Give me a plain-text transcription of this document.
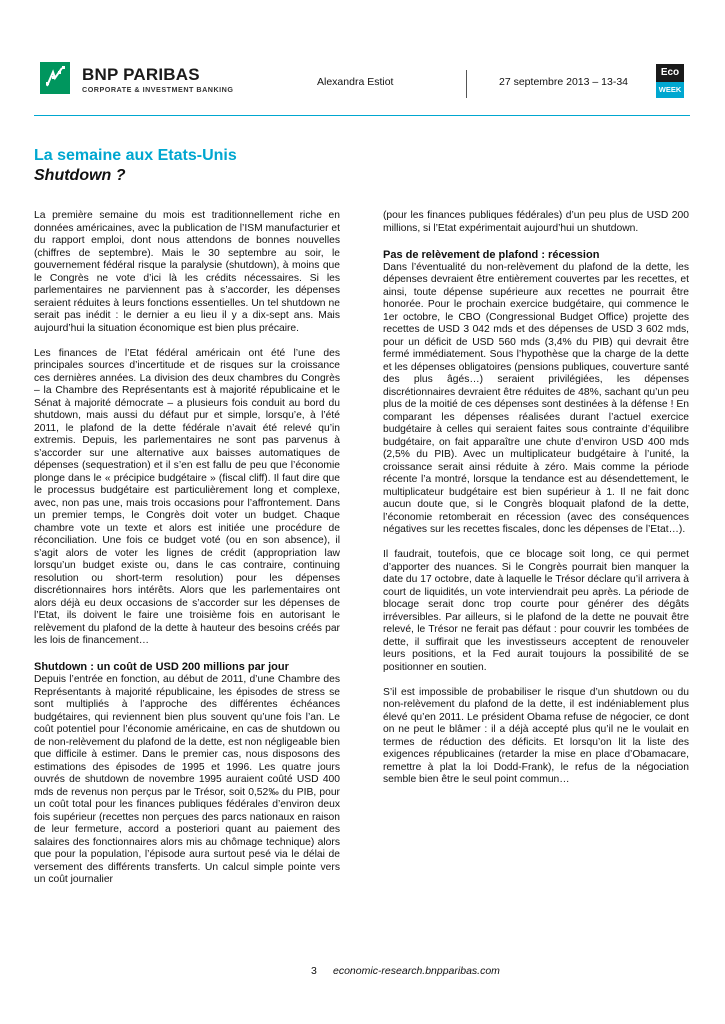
BNP PARIBAS
CORPORATE & INVESTMENT BANKING
Alexandra Estiot	27 septembre 2013 – 13-34
Eco
WEEK
La semaine aux Etats-Unis
Shutdown ?

La première semaine du mois est traditionnellement riche en données américaines, avec la publication de l’ISM manufacturier et du rapport emploi, dont nous attendons de bonnes nouvelles (chiffres de septembre). Mais le 30 septembre au soir, le gouvernement fédéral risque la paralysie (shutdown), à moins que le Congrès ne vote d’ici là les crédits nécessaires. Si les parlementaires ne parviennent pas à s’accorder, les dépenses seraient réduites à leurs fonctions essentielles. Un tel shutdown ne serait pas inédit : le dernier a eu lieu il y a dix-sept ans. Mais aujourd’hui la situation économique est bien plus précaire.

Les finances de l’Etat fédéral américain ont été l’une des principales sources d’incertitude et de risques sur la croissance ces dernières années. La division des deux chambres du Congrès – la Chambre des Représentants est à majorité républicaine et le Sénat à majorité démocrate – a plusieurs fois conduit au bord du shutdown, mais aussi du défaut pur et simple, lorsqu’e, à l’été 2011, le plafond de la dette fédérale n’avait été relevé qu’in extremis. Depuis, les parlementaires ne sont pas parvenus à s’accorder sur une alternative aux baisses automatiques de dépenses (sequestration) et il s’en est fallu de peu que l’économie plonge dans le « précipice budgétaire » (fiscal cliff). Il faut dire que le processus budgétaire est particulièrement long et complexe, avec, non pas une, mais trois occasions pour l’affrontement. Dans un premier temps, le Congrès doit voter un budget. Chaque chambre vote un texte et alors est initiée une procédure de réconciliation. Une fois ce budget voté (ou en son absence), il s’agit alors de voter les lignes de crédit (appropriation law lorsqu’un budget existe ou, dans le cas contraire, continuing resolution ou short-term resolution) pour les dépenses discrétionnaires hors intérêts. Alors que les parlementaires ont alors déjà eu deux occasions de s’accorder sur les dépenses de l’Etat, ils doivent le faire une troisième fois en autorisant le relèvement du plafond de la dette à hauteur des besoins créés par les lois de financement…

Shutdown : un coût de USD 200 millions par jour

Depuis l’entrée en fonction, au début de 2011, d’une Chambre des Représentants à majorité républicaine, les épisodes de stress se sont multipliés à l’approche des différentes échéances budgétaires, qui reviennent bien plus souvent qu’une fois l’an. Le coût potentiel pour l’économie américaine, en cas de shutdown ou de non-relèvement du plafond de la dette, est non négligeable bien que difficile à estimer. Dans le premier cas, nous disposons des estimations des épisodes de 1995 et 1996. Les quatre jours ouvrés de shutdown de novembre 1995 auraient coûté USD 400 mds de revenus non perçus par le Trésor, soit 0,52‰ du PIB, pour un coût total pour les finances publiques fédérales d’environ deux fois supérieur (recettes non perçues des parcs nationaux en raison de leur fermeture, accord a posteriori quant au paiement des salaires des fonctionnaires alors mis au chômage technique) alors que pour la population, l’épisode aura surtout pesé via le délai de versement des différents transferts. Un calcul simple pointe vers un coût journalier

(pour les finances publiques fédérales) d’un peu plus de USD 200 millions, si l’Etat expérimentait aujourd’hui un shutdown.

Pas de relèvement de plafond : récession

Dans l’éventualité du non-relèvement du plafond de la dette, les dépenses devraient être entièrement couvertes par les recettes, et ainsi, toute dépense supérieure aux recettes ne pourrait être honorée. Pour le prochain exercice budgétaire, qui commence le 1er octobre, le CBO (Congressional Budget Office) projette des recettes de USD 3 042 mds et des dépenses de USD 3 602 mds, pour un déficit de USD 560 mds (3,4% du PIB) qui devrait être fermé immédiatement. Sous l’hypothèse que la charge de la dette et les dépenses obligatoires (pensions publiques, couverture santé des plus âgés…) seraient privilégiées, les dépenses discrétionnaires devraient être réduites de 48%, sachant qu’un peu plus de la moitié de ces dépenses sont destinées à la défense ! En comparant les dépenses réalisées durant l’actuel exercice budgétaire à celles qui seraient faites sous contrainte d’équilibre budgétaire, on fait apparaître une chute d’environ USD 400 mds (2,5% du PIB). Avec un multiplicateur budgétaire à l’unité, la croissance serait ainsi réduite à zéro. Mais comme la période récente l’a montré, lorsque la tendance est au désendettement, le multiplicateur budgétaire est bien supérieur à 1. Il ne fait donc aucun doute que, si le Congrès bloquait plafond de la dette, l’économie retomberait en récession (avec des conséquences négatives sur les recettes fiscales, donc les dépenses de l’Etat…).

Il faudrait, toutefois, que ce blocage soit long, ce qui permet d’apporter des nuances. Si le Congrès pourrait bien manquer la date du 17 octobre, date à laquelle le Trésor déclare qu’il arrivera à court de liquidités, un vote interviendrait peu après. La période de blocage serait donc trop courte pour générer des dégâts irréversibles. Par ailleurs, si le plafond de la dette ne pouvait être relevé, le Trésor ne ferait pas défaut : pour couvrir les tombées de dette, il suffirait que les investisseurs acceptent de renouveler leurs positions, et la Fed aurait toujours la possibilité de se positionner en soutien.

S’il est impossible de probabiliser le risque d’un shutdown ou du non-relèvement du plafond de la dette, il est indéniablement plus élevé qu’en 2011. Le président Obama refuse de négocier, ce dont on ne peut le blâmer : il a déjà accepté plus qu’il ne le voulait en termes de réduction des déficits. Et lorsqu’on lit la liste des exigences républicaines (retarder la mise en place d’Obamacare, remettre à plat la loi Dodd-Frank), le refus de la négociation semble bien être le seul point commun…

3 economic-research.bnpparibas.com
